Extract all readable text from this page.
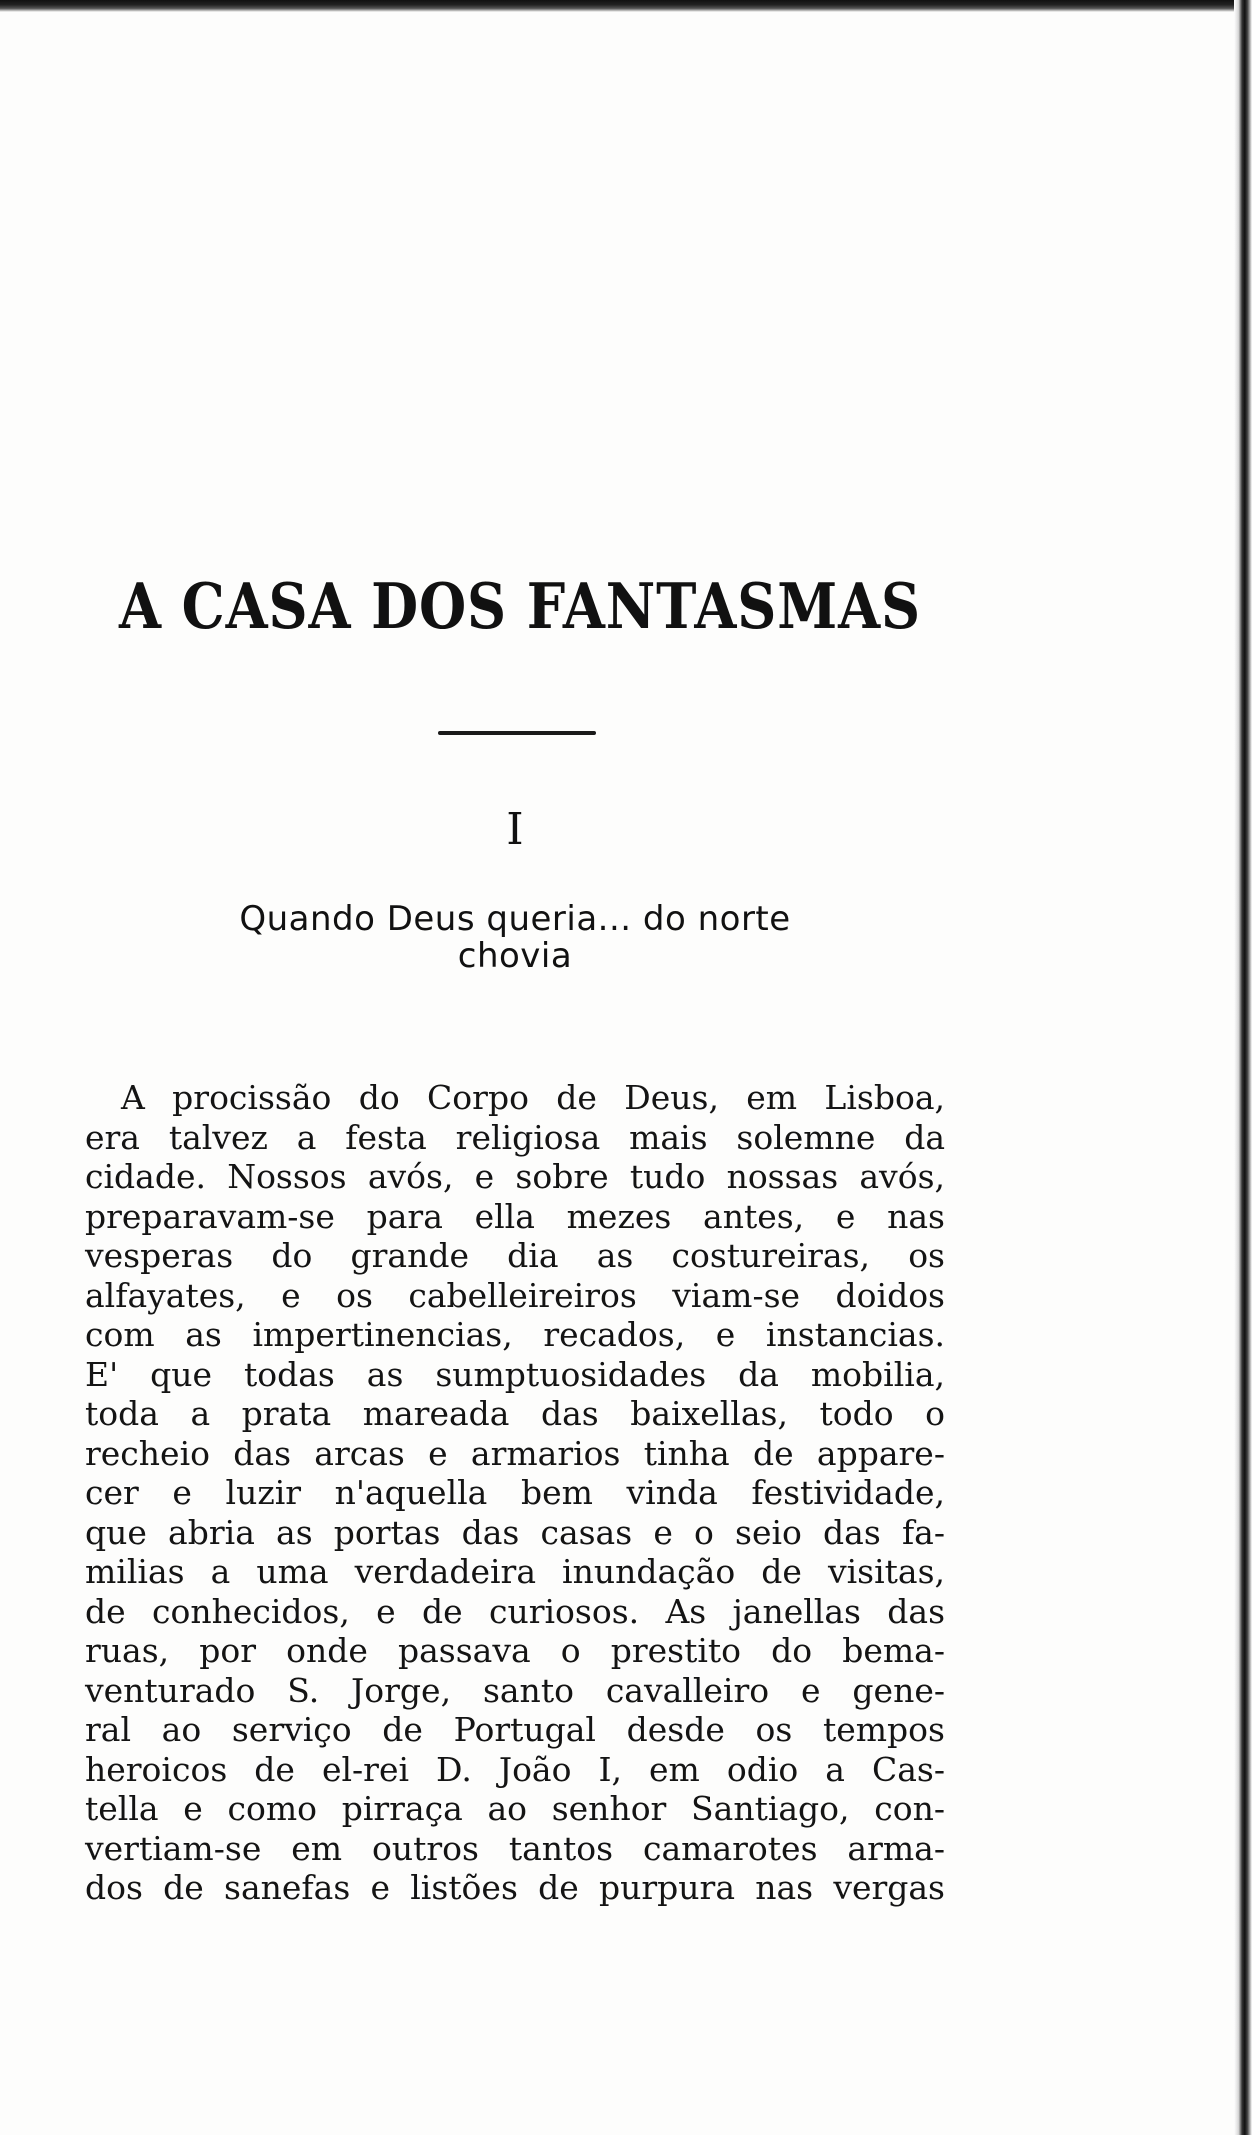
A CASA DOS FANTASMAS
I
Quando Deus queria... do norte
chovia
A procissão do Corpo de Deus, em Lisboa,
era talvez a festa religiosa mais solemne da
cidade. Nossos avós, e sobre tudo nossas avós,
preparavam-se para ella mezes antes, e nas
vesperas do grande dia as costureiras, os
alfayates, e os cabelleireiros viam-se doidos
com as impertinencias, recados, e instancias.
E' que todas as sumptuosidades da mobilia,
toda a prata mareada das baixellas, todo o
recheio das arcas e armarios tinha de apparе-
cer e luzir n'aquella bem vinda festividade,
que abria as portas das casas e o seio das fa-
milias a uma verdadeira inundação de visitas,
de conhecidos, e de curiosos. As janellas das
ruas, por onde passava o prestito do bema-
venturado S. Jorge, santo cavalleiro e gene-
ral ao serviço de Portugal desde os tempos
heroicos de el-rei D. João I, em odio a Cas-
tella e como pirraça ao senhor Santiago, con-
vertiam-se em outros tantos camarotes arma-
dos de sanefas e listões de purpura nas vergas
